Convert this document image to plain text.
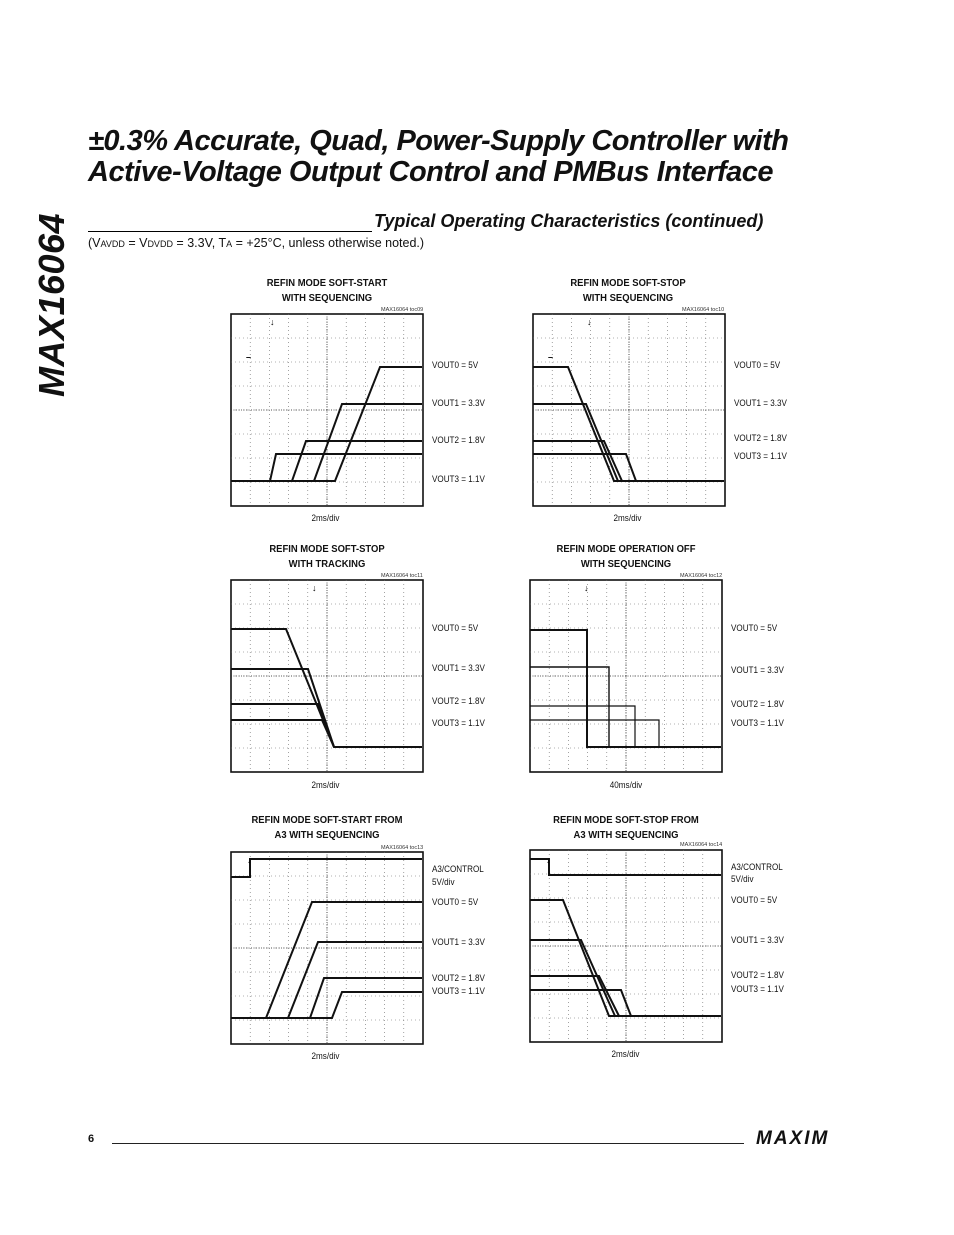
MAX16064
±0.3% Accurate, Quad, Power-Supply Controller with
Active-Voltage Output Control and PMBus Interface
Typical Operating Characteristics (continued)
(VAVDD = VDVDD = 3.3V, TA = +25°C, unless otherwise noted.)
REFIN MODE SOFT-START
WITH SEQUENCING
MAX16064 toc09
↓
–
VOUT0 = 5V
VOUT1 = 3.3V
VOUT2 = 1.8V
VOUT3 = 1.1V
2ms/div
REFIN MODE SOFT-STOP
WITH SEQUENCING
MAX16064 toc10
↓
–
VOUT0 = 5V
VOUT1 = 3.3V
VOUT2 = 1.8V
VOUT3 = 1.1V
2ms/div
REFIN MODE SOFT-STOP
WITH TRACKING
MAX16064 toc11
↓
VOUT0 = 5V
VOUT1 = 3.3V
VOUT2 = 1.8V
VOUT3 = 1.1V
2ms/div
REFIN MODE OPERATION OFF
WITH SEQUENCING
MAX16064 toc12
↓
VOUT0 = 5V
VOUT1 = 3.3V
VOUT2 = 1.8V
VOUT3 = 1.1V
40ms/div
REFIN MODE SOFT-START FROM
A3 WITH SEQUENCING
MAX16064 toc13
↓
A3/CONTROL
5V/div
VOUT0 = 5V
VOUT1 = 3.3V
VOUT2 = 1.8V
VOUT3 = 1.1V
2ms/div
REFIN MODE SOFT-STOP FROM
A3 WITH SEQUENCING
MAX16064 toc14
↓
A3/CONTROL
5V/div
VOUT0 = 5V
VOUT1 = 3.3V
VOUT2 = 1.8V
VOUT3 = 1.1V
2ms/div
6	MAXIM
